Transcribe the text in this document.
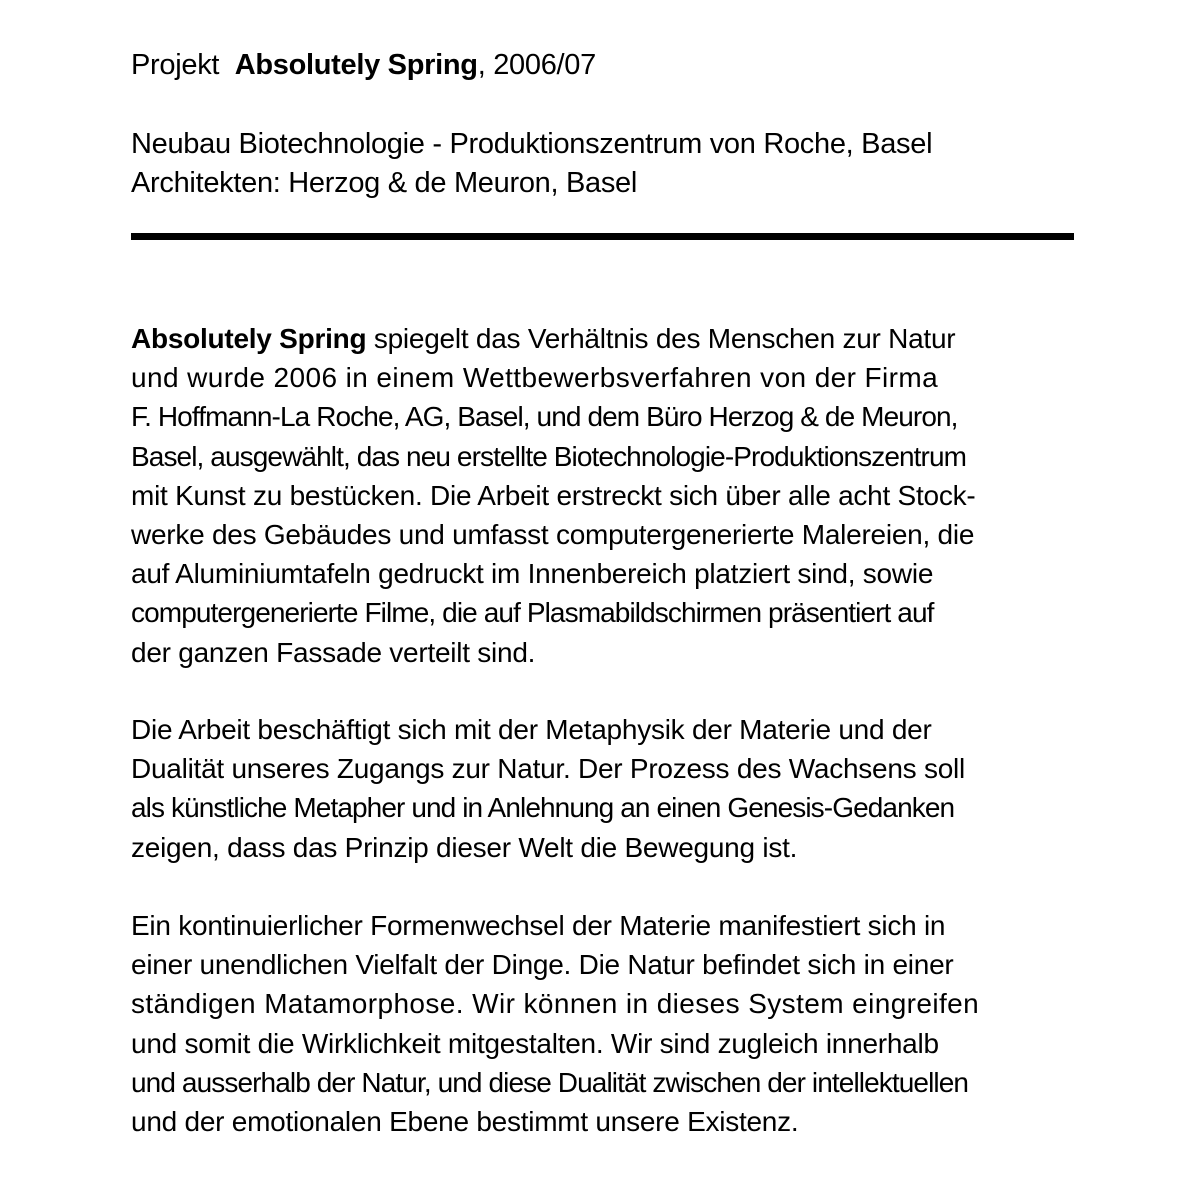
Projekt Absolutely Spring, 2006/07
Neubau Biotechnologie - Produktionszentrum von Roche, Basel
Architekten: Herzog & de Meuron, Basel
Absolutely Spring spiegelt das Verhältnis des Menschen zur Natur
und wurde 2006 in einem Wettbewerbsverfahren von der Firma
F. Hoffmann-La Roche, AG, Basel, und dem Büro Herzog & de Meuron,
Basel, ausgewählt, das neu erstellte Biotechnologie-Produktionszentrum
mit Kunst zu bestücken. Die Arbeit erstreckt sich über alle acht Stock-
werke des Gebäudes und umfasst computergenerierte Malereien, die
auf Aluminiumtafeln gedruckt im Innenbereich platziert sind, sowie
computergenerierte Filme, die auf Plasmabildschirmen präsentiert auf
der ganzen Fassade verteilt sind.
Die Arbeit beschäftigt sich mit der Metaphysik der Materie und der
Dualität unseres Zugangs zur Natur. Der Prozess des Wachsens soll
als künstliche Metapher und in Anlehnung an einen Genesis-Gedanken
zeigen, dass das Prinzip dieser Welt die Bewegung ist.
Ein kontinuierlicher Formenwechsel der Materie manifestiert sich in
einer unendlichen Vielfalt der Dinge. Die Natur befindet sich in einer
ständigen Matamorphose. Wir können in dieses System eingreifen
und somit die Wirklichkeit mitgestalten. Wir sind zugleich innerhalb
und ausserhalb der Natur, und diese Dualität zwischen der intellektuellen
und der emotionalen Ebene bestimmt unsere Existenz.
